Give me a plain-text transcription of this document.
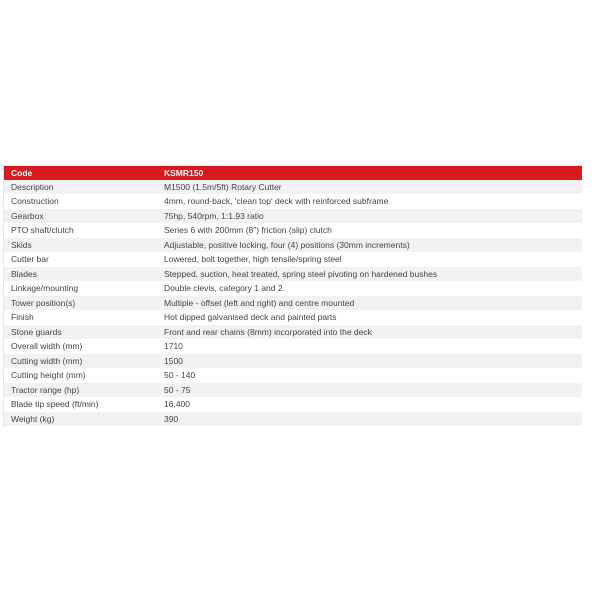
Code	KSMR150
Description	M1500 (1.5m/5ft) Rotary Cutter
Construction	4mm, round-back, 'clean top' deck with reinforced subframe
Gearbox	75hp, 540rpm, 1:1.93 ratio
PTO shaft/clutch	Series 6 with 200mm (8") friction (slip) clutch
Skids	Adjustable, positive locking, four (4) positions (30mm increments)
Cutter bar	Lowered, bolt together, high tensile/spring steel
Blades	Stepped, suction, heat treated, spring steel pivoting on hardened bushes
Linkage/mounting	Double clevis, category 1 and 2
Tower position(s)	Multiple - offset (left and right) and centre mounted
Finish	Hot dipped galvanised deck and painted parts
Stone guards	Front and rear chains (8mm) incorporated into the deck
Overall width (mm)	1710
Cutting width (mm)	1500
Cutting height (mm)	50 - 140
Tractor range (hp)	50 - 75
Blade tip speed (ft/min)	16,400
Weight (kg)	390
